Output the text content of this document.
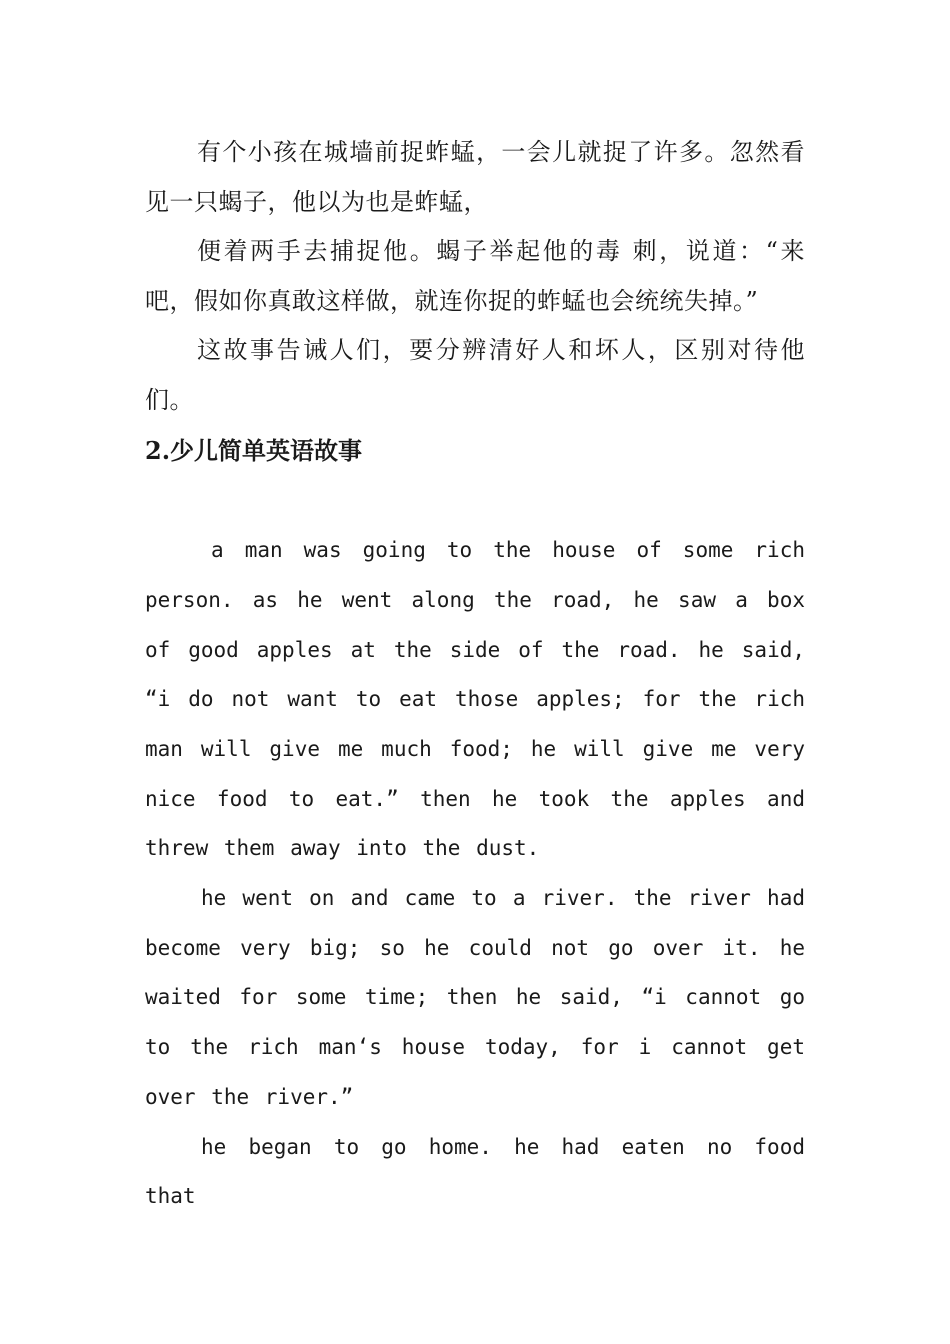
有个小孩在城墙前捉蚱蜢，一会儿就捉了许多。忽然看见一只蝎子，他以为也是蚱蜢，

便着两手去捕捉他。蝎子举起他的毒 刺，说道：“来吧，假如你真敢这样做，就连你捉的蚱蜢也会统统失掉。”

这故事告诫人们，要分辨清好人和坏人，区别对待他们。

2.少儿简单英语故事

a man was going to the house of some rich person. as he went along the road, he saw a box of good apples at the side of the road. he said, “i do not want to eat those apples; for the rich man will give me much food; he will give me very nice food to eat.” then he took the apples and threw them away into the dust.

he went on and came to a river. the river had become very big; so he could not go over it. he waited for some time; then he said, “i cannot go to the rich man‘s house today, for i cannot get over the river.”

he began to go home. he had eaten no food that
